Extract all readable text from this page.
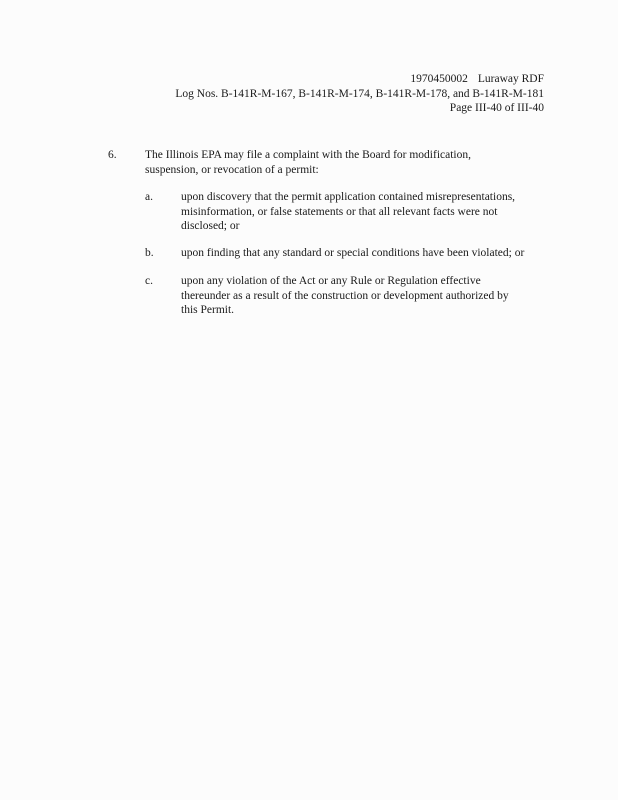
1970450002 Luraway RDF
Log Nos. B-141R-M-167, B-141R-M-174, B-141R-M-178, and B-141R-M-181
Page III-40 of III-40
6. The Illinois EPA may file a complaint with the Board for modification,
suspension, or revocation of a permit:
a. upon discovery that the permit application contained misrepresentations,
misinformation, or false statements or that all relevant facts were not
disclosed; or
b. upon finding that any standard or special conditions have been violated; or
c. upon any violation of the Act or any Rule or Regulation effective
thereunder as a result of the construction or development authorized by
this Permit.
